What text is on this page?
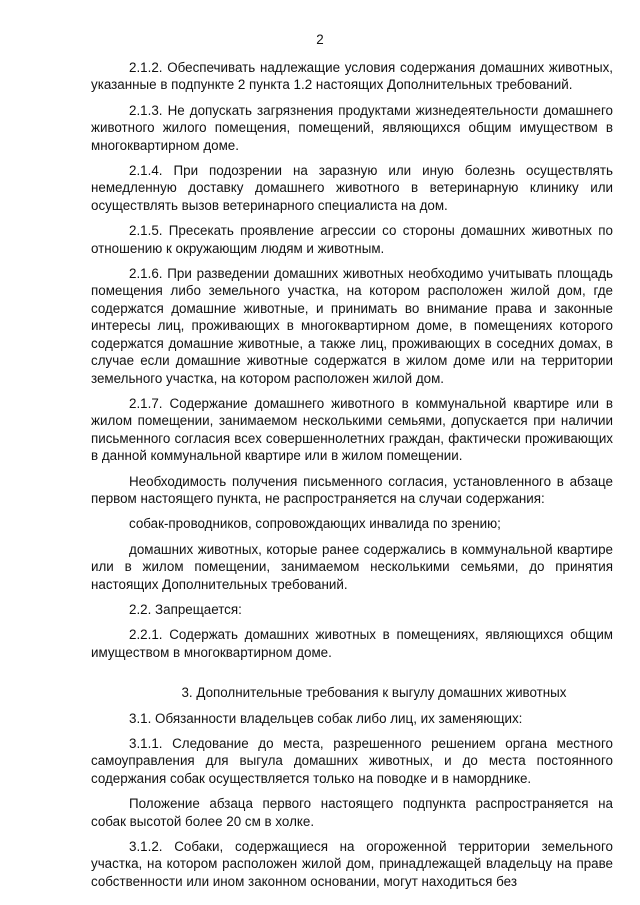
2

2.1.2. Обеспечивать надлежащие условия содержания домашних животных, указанные в подпункте 2 пункта 1.2 настоящих Дополнительных требований.

2.1.3. Не допускать загрязнения продуктами жизнедеятельности домашнего животного жилого помещения, помещений, являющихся общим имуществом в многоквартирном доме.

2.1.4. При подозрении на заразную или иную болезнь осуществлять немедленную доставку домашнего животного в ветеринарную клинику или осуществлять вызов ветеринарного специалиста на дом.

2.1.5. Пресекать проявление агрессии со стороны домашних животных по отношению к окружающим людям и животным.

2.1.6. При разведении домашних животных необходимо учитывать площадь помещения либо земельного участка, на котором расположен жилой дом, где содержатся домашние животные, и принимать во внимание права и законные интересы лиц, проживающих в многоквартирном доме, в помещениях которого содержатся домашние животные, а также лиц, проживающих в соседних домах, в случае если домашние животные содержатся в жилом доме или на территории земельного участка, на котором расположен жилой дом.

2.1.7. Содержание домашнего животного в коммунальной квартире или в жилом помещении, занимаемом несколькими семьями, допускается при наличии письменного согласия всех совершеннолетних граждан, фактически проживающих в данной коммунальной квартире или в жилом помещении.

Необходимость получения письменного согласия, установленного в абзаце первом настоящего пункта, не распространяется на случаи содержания:

собак-проводников, сопровождающих инвалида по зрению;

домашних животных, которые ранее содержались в коммунальной квартире или в жилом помещении, занимаемом несколькими семьями, до принятия настоящих Дополнительных требований.

2.2. Запрещается:

2.2.1. Содержать домашних животных в помещениях, являющихся общим имуществом в многоквартирном доме.

3. Дополнительные требования к выгулу домашних животных

3.1. Обязанности владельцев собак либо лиц, их заменяющих:

3.1.1. Следование до места, разрешенного решением органа местного самоуправления для выгула домашних животных, и до места постоянного содержания собак осуществляется только на поводке и в наморднике.

Положение абзаца первого настоящего подпункта распространяется на собак высотой более 20 см в холке.

3.1.2. Собаки, содержащиеся на огороженной территории земельного участка, на котором расположен жилой дом, принадлежащей владельцу на праве собственности или ином законном основании, могут находиться без
